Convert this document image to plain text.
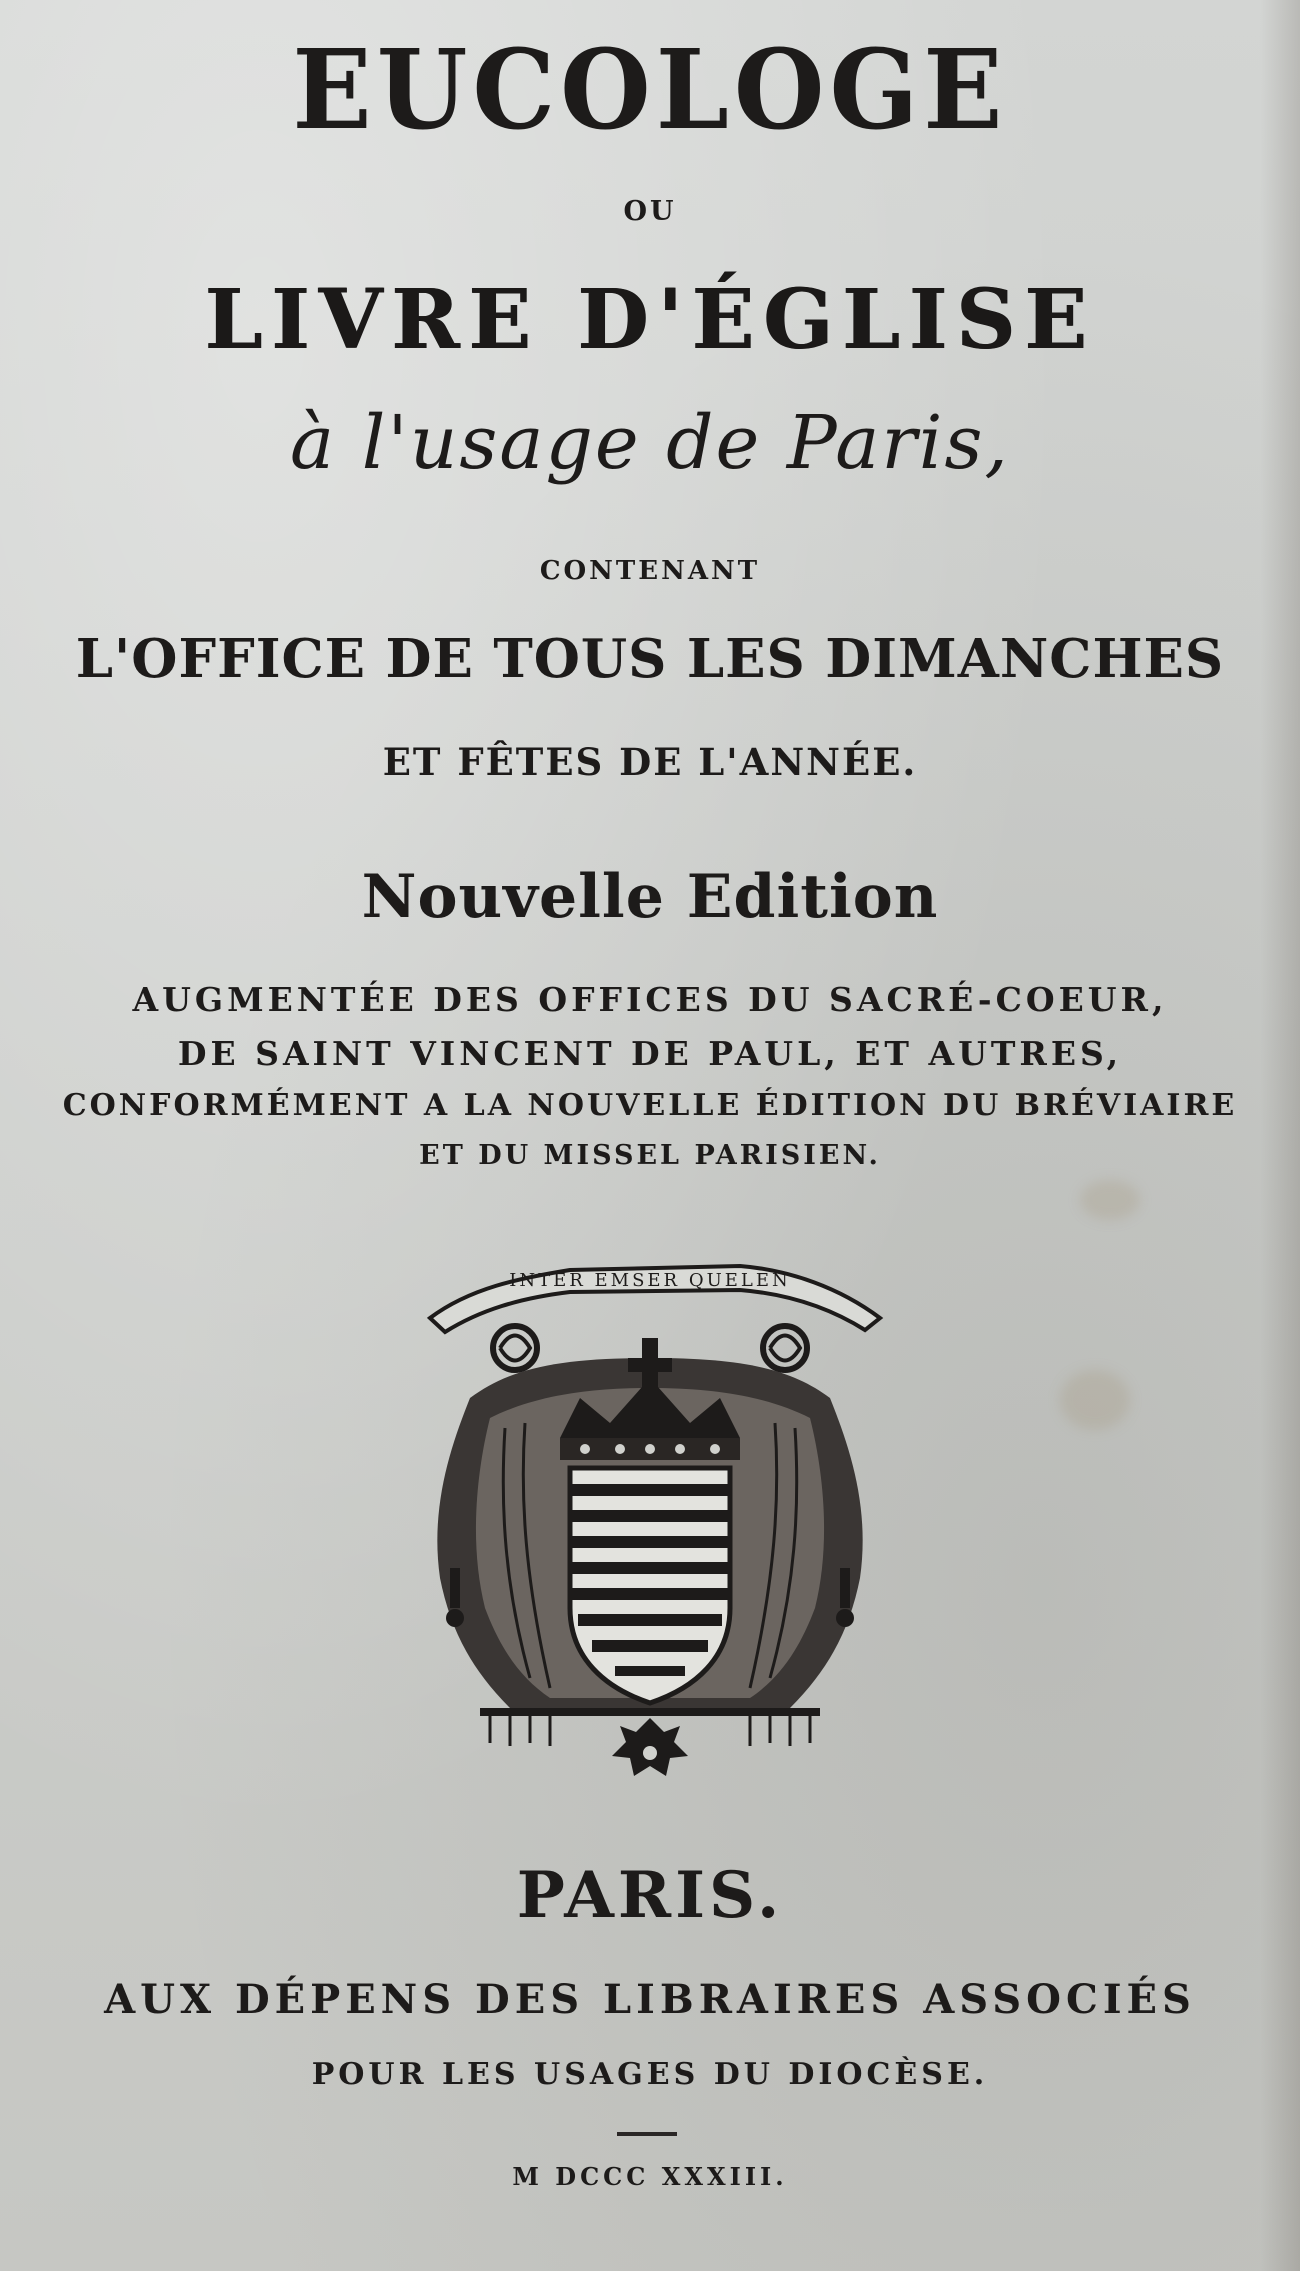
EUCOLOGE
OU
LIVRE D'ÉGLISE
à l'usage de Paris,
CONTENANT
L'OFFICE DE TOUS LES DIMANCHES
ET FÊTES DE L'ANNÉE.
Nouvelle Edition
AUGMENTÉE DES OFFICES DU SACRÉ-COEUR,
DE SAINT VINCENT DE PAUL, ET AUTRES,
CONFORMÉMENT A LA NOUVELLE ÉDITION DU BRÉVIAIRE
ET DU MISSEL PARISIEN.
INTER EMSER QUELEN
PARIS.
AUX DÉPENS DES LIBRAIRES ASSOCIÉS
POUR LES USAGES DU DIOCÈSE.
M DCCC XXXIII.
